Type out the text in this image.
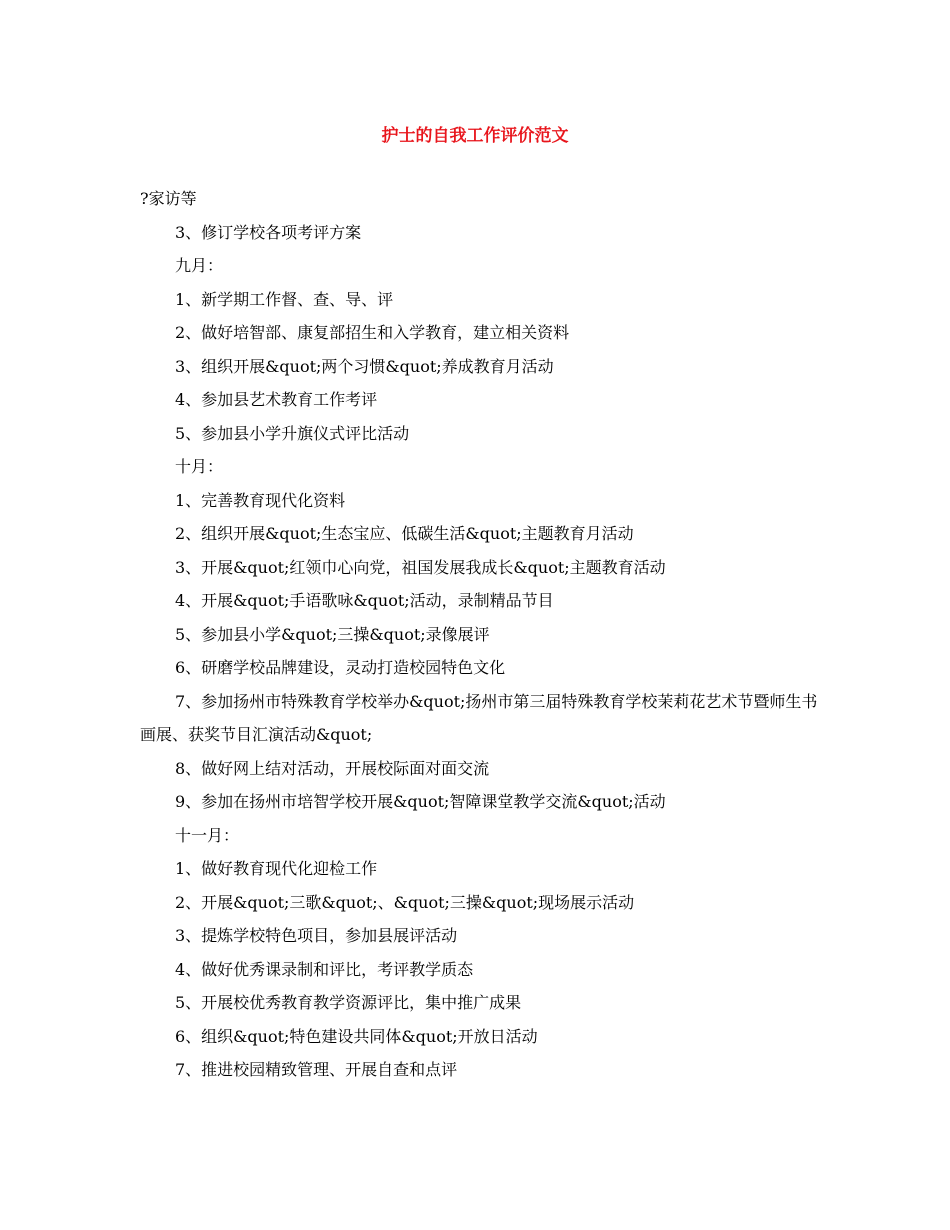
护士的自我工作评价范文

?家访等

3、修订学校各项考评方案

九月：

1、新学期工作督、查、导、评

2、做好培智部、康复部招生和入学教育，建立相关资料

3、组织开展&quot;两个习惯&quot;养成教育月活动

4、参加县艺术教育工作考评

5、参加县小学升旗仪式评比活动

十月：

1、完善教育现代化资料

2、组织开展&quot;生态宝应、低碳生活&quot;主题教育月活动

3、开展&quot;红领巾心向党，祖国发展我成长&quot;主题教育活动

4、开展&quot;手语歌咏&quot;活动，录制精品节目

5、参加县小学&quot;三操&quot;录像展评

6、研磨学校品牌建设，灵动打造校园特色文化

7、参加扬州市特殊教育学校举办&quot;扬州市第三届特殊教育学校茉莉花艺术节暨师生书画展、获奖节目汇演活动&quot;

8、做好网上结对活动，开展校际面对面交流

9、参加在扬州市培智学校开展&quot;智障课堂教学交流&quot;活动

十一月：

1、做好教育现代化迎检工作

2、开展&quot;三歌&quot;、&quot;三操&quot;现场展示活动

3、提炼学校特色项目，参加县展评活动

4、做好优秀课录制和评比，考评教学质态

5、开展校优秀教育教学资源评比，集中推广成果

6、组织&quot;特色建设共同体&quot;开放日活动

7、推进校园精致管理、开展自查和点评
